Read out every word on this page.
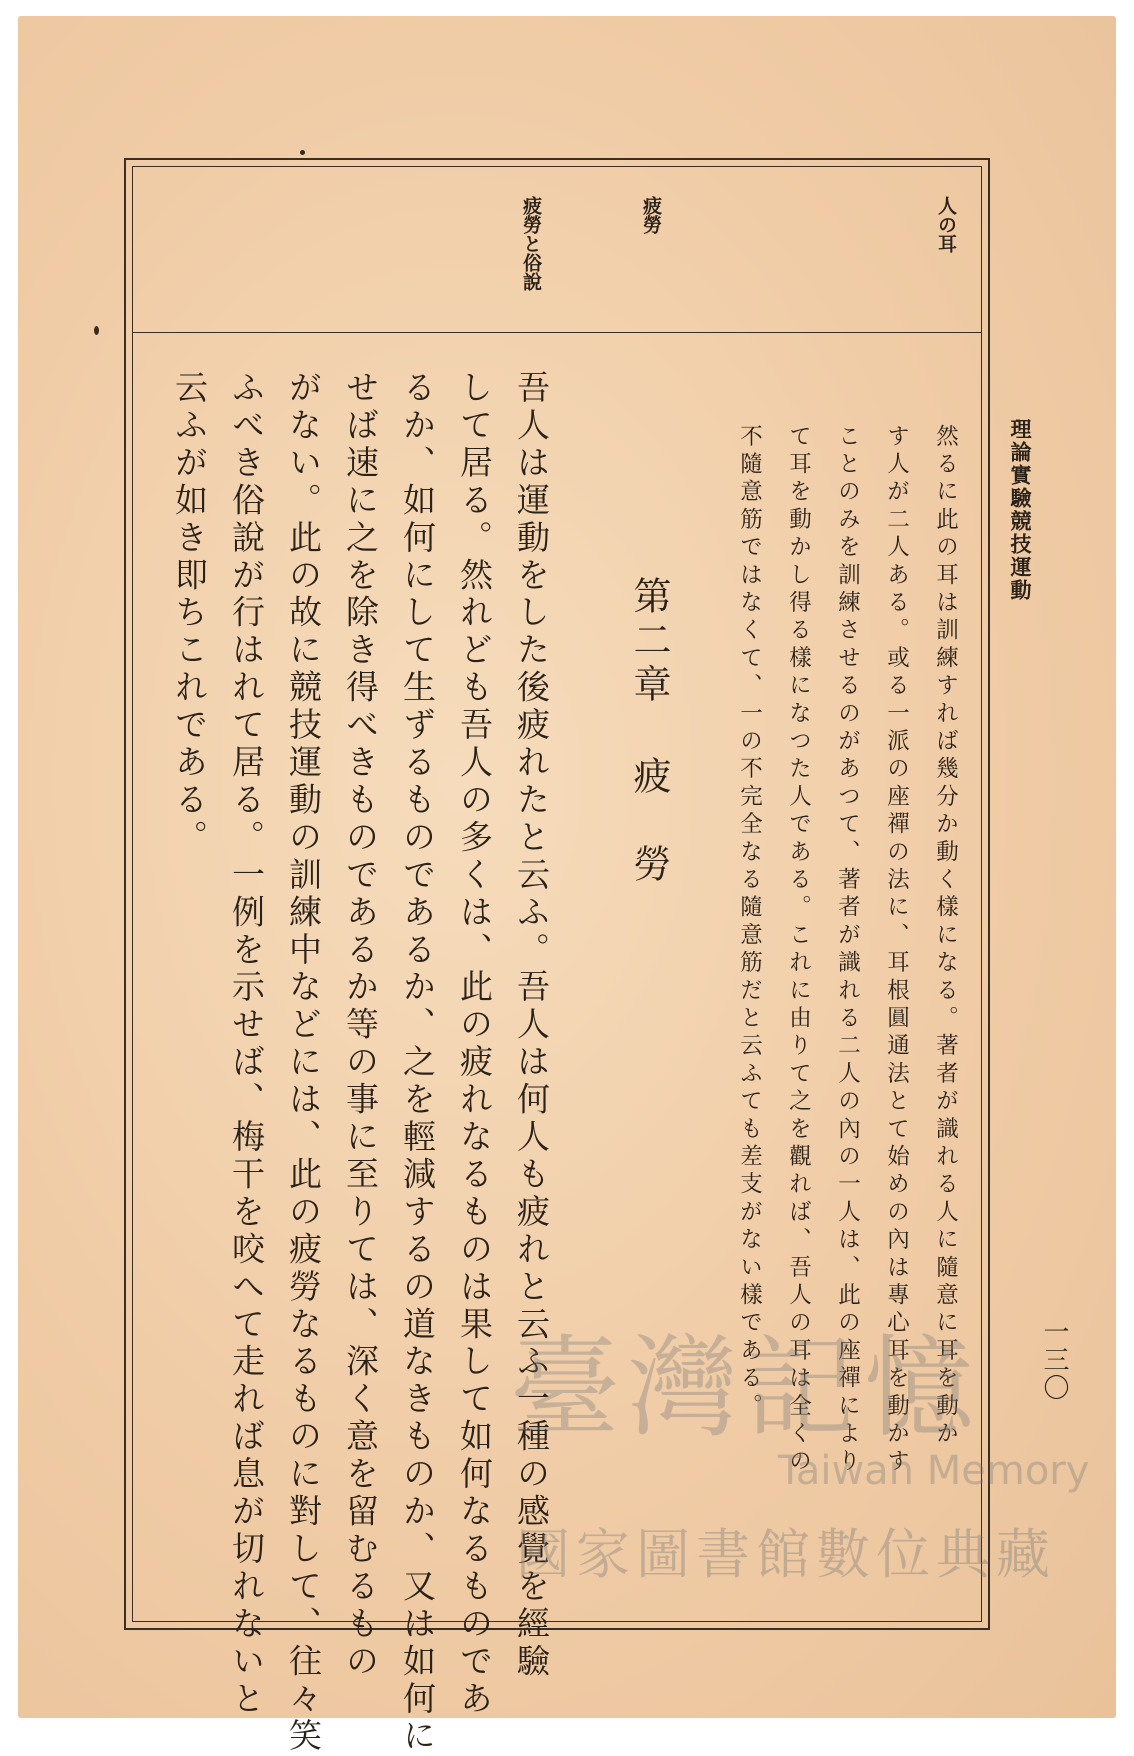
理論實驗競技運動

一三〇

人の耳

疲勞

疲勞と俗說

然るに此の耳は訓練すれば幾分か動く樣になる。著者が識れる人に隨意に耳を動か

す人が二人ある。或る一派の座禪の法に、耳根圓通法とて始めの內は專心耳を動かす

ことのみを訓練させるのがあつて、著者が識れる二人の內の一人は、此の座禪により

て耳を動かし得る樣になつた人である。これに由りて之を觀れば、吾人の耳は全くの

不隨意筋ではなくて、一の不完全なる隨意筋だと云ふても差支がない樣である。

第二章疲　勞

吾人は運動をした後疲れたと云ふ。吾人は何人も疲れと云ふ一種の感覺を經驗

して居る。然れども吾人の多くは、此の疲れなるものは果して如何なるものであ

るか、如何にして生ずるものであるか、之を輕減するの道なきものか、又は如何に

せば速に之を除き得べきものであるか等の事に至りては、深く意を留むるもの

がない。此の故に競技運動の訓練中などには、此の疲勞なるものに對して、往々笑

ふべき俗說が行はれて居る。一例を示せば、梅干を咬へて走れば息が切れないと

云ふが如き即ちこれである。

臺灣記憶
Taiwan Memory
國家圖書館數位典藏
